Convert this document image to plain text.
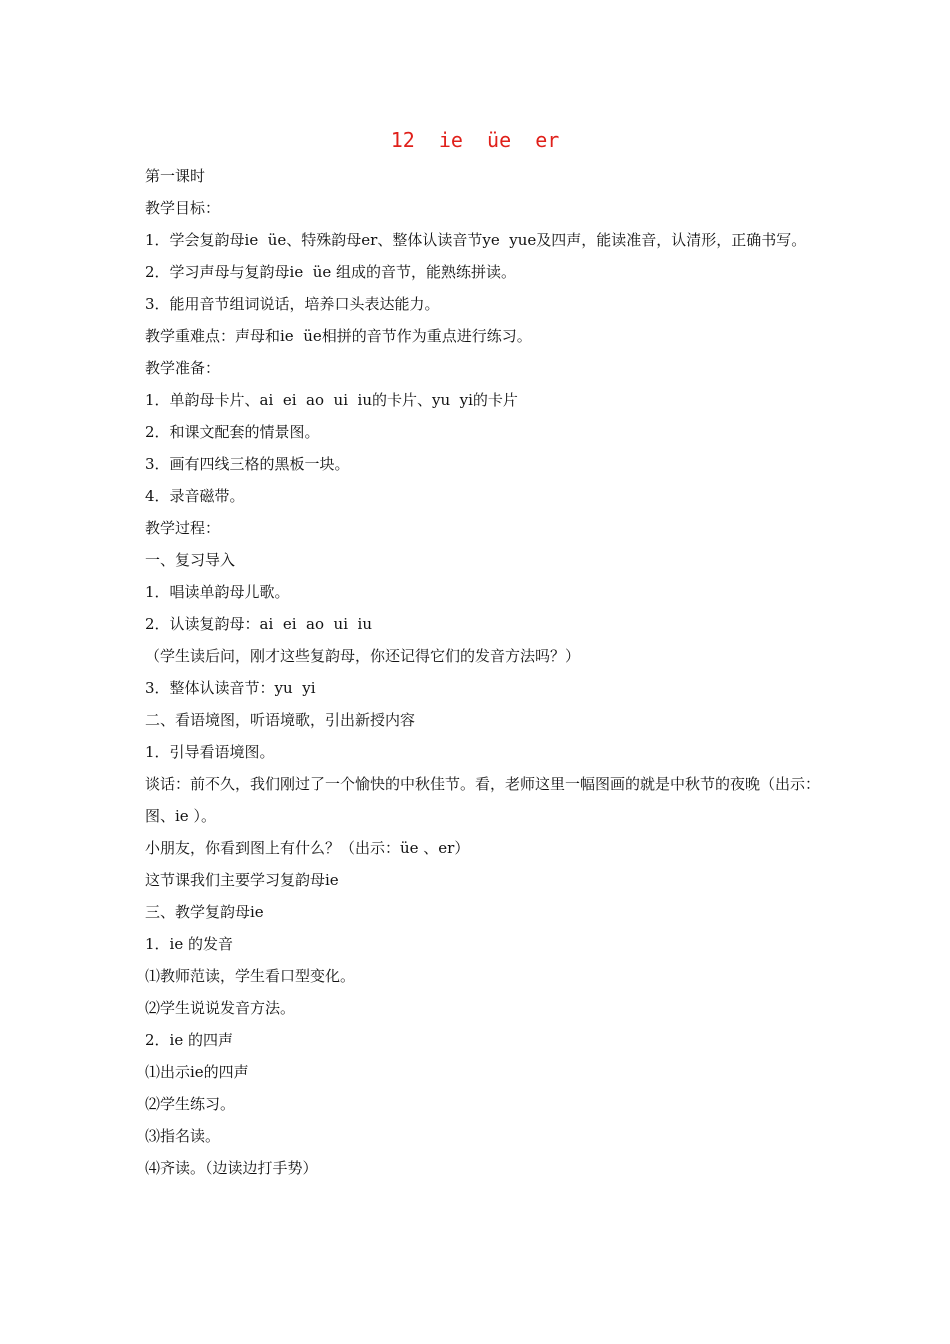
12  ie  üe  er

第一课时

教学目标：

1．学会复韵母ie  üe、特殊韵母er、整体认读音节ye  yue及四声，能读准音，认清形，正确书写。

2．学习声母与复韵母ie  üe 组成的音节，能熟练拼读。

3．能用音节组词说话，培养口头表达能力。

教学重难点：声母和ie  üe相拼的音节作为重点进行练习。

教学准备：

1．单韵母卡片、ai  ei  ao  ui  iu的卡片、yu  yi的卡片

2．和课文配套的情景图。

3．画有四线三格的黑板一块。

4．录音磁带。

教学过程：

一、复习导入

1．唱读单韵母儿歌。

2．认读复韵母：ai  ei  ao  ui  iu

（学生读后问，刚才这些复韵母，你还记得它们的发音方法吗？）

3．整体认读音节：yu  yi

二、看语境图，听语境歌，引出新授内容

1．引导看语境图。

谈话：前不久，我们刚过了一个愉快的中秋佳节。看，老师这里一幅图画的就是中秋节的夜晚（出示：图、ie ）。

小朋友，你看到图上有什么？（出示：üe 、er）

这节课我们主要学习复韵母ie

三、教学复韵母ie

1．ie 的发音

⑴教师范读，学生看口型变化。

⑵学生说说发音方法。

2．ie 的四声

⑴出示ie的四声

⑵学生练习。

⑶指名读。

⑷齐读。（边读边打手势）
